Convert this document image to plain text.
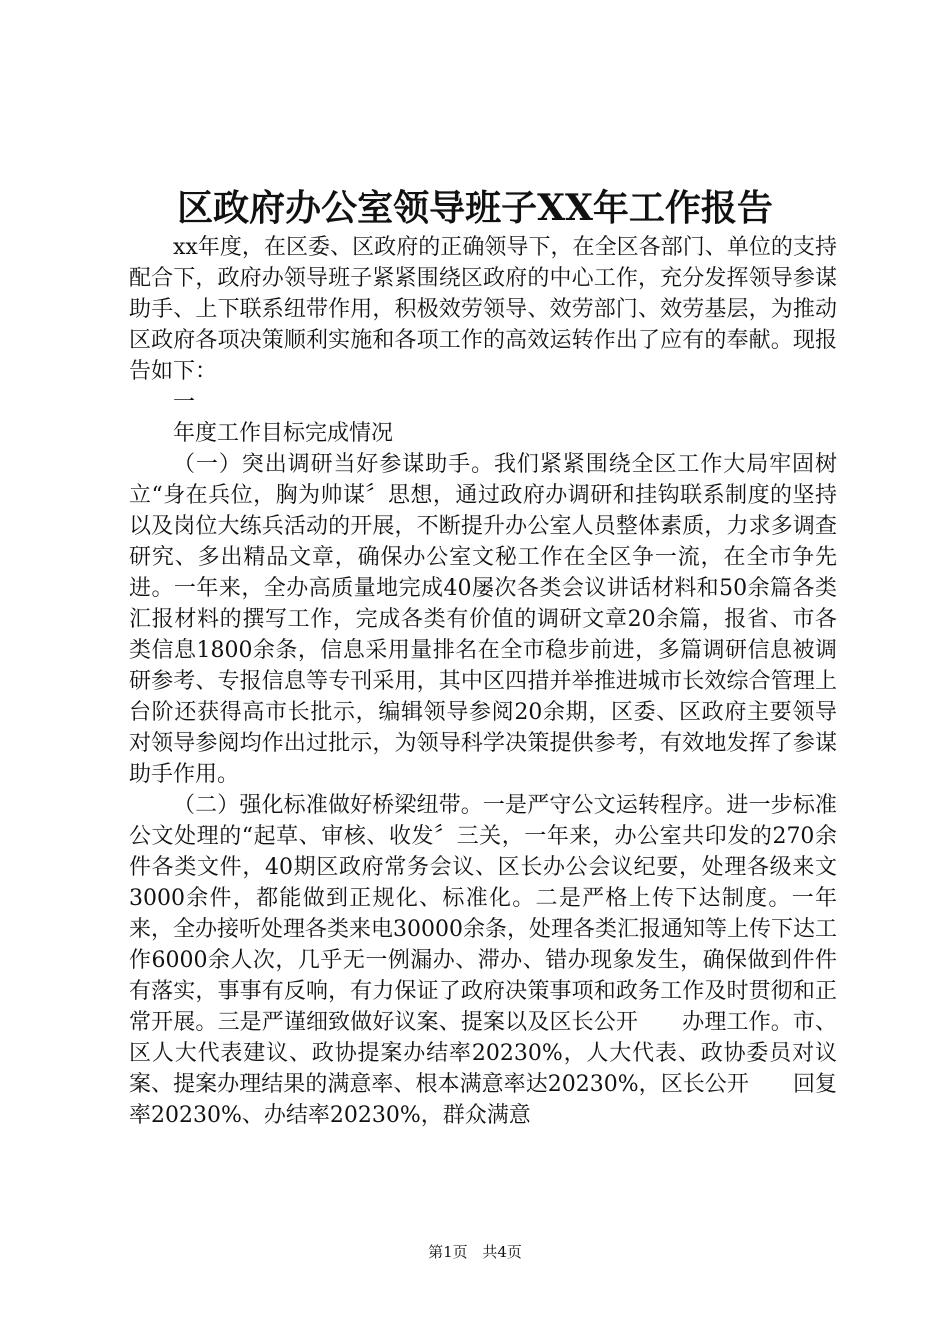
区政府办公室领导班子XX年工作报告

xx年度，在区委、区政府的正确领导下，在全区各部门、单位的支持配合下，政府办领导班子紧紧围绕区政府的中心工作，充分发挥领导参谋助手、上下联系纽带作用，积极效劳领导、效劳部门、效劳基层，为推动区政府各项决策顺利实施和各项工作的高效运转作出了应有的奉献。现报告如下：

一

年度工作目标完成情况

（一）突出调研当好参谋助手。我们紧紧围绕全区工作大局牢固树立“身在兵位，胸为帅谋〞思想，通过政府办调研和挂钩联系制度的坚持以及岗位大练兵活动的开展，不断提升办公室人员整体素质，力求多调查研究、多出精品文章，确保办公室文秘工作在全区争一流，在全市争先进。一年来，全办高质量地完成40屡次各类会议讲话材料和50余篇各类汇报材料的撰写工作，完成各类有价值的调研文章20余篇，报省、市各类信息1800余条，信息采用量排名在全市稳步前进，多篇调研信息被调研参考、专报信息等专刊采用，其中区四措并举推进城市长效综合管理上台阶还获得高市长批示，编辑领导参阅20余期，区委、区政府主要领导对领导参阅均作出过批示，为领导科学决策提供参考，有效地发挥了参谋助手作用。

（二）强化标准做好桥梁纽带。一是严守公文运转程序。进一步标准公文处理的“起草、审核、收发〞三关，一年来，办公室共印发的270余件各类文件，40期区政府常务会议、区长办公会议纪要，处理各级来文3000余件，都能做到正规化、标准化。二是严格上传下达制度。一年来，全办接听处理各类来电30000余条，处理各类汇报通知等上传下达工作6000余人次，几乎无一例漏办、滞办、错办现象发生，确保做到件件有落实，事事有反响，有力保证了政府决策事项和政务工作及时贯彻和正常开展。三是严谨细致做好议案、提案以及区长公开　　办理工作。市、区人大代表建议、政协提案办结率20230%，人大代表、政协委员对议案、提案办理结果的满意率、根本满意率达20230%，区长公开　　回复率20230%、办结率20230%，群众满意

第1页 共4页
